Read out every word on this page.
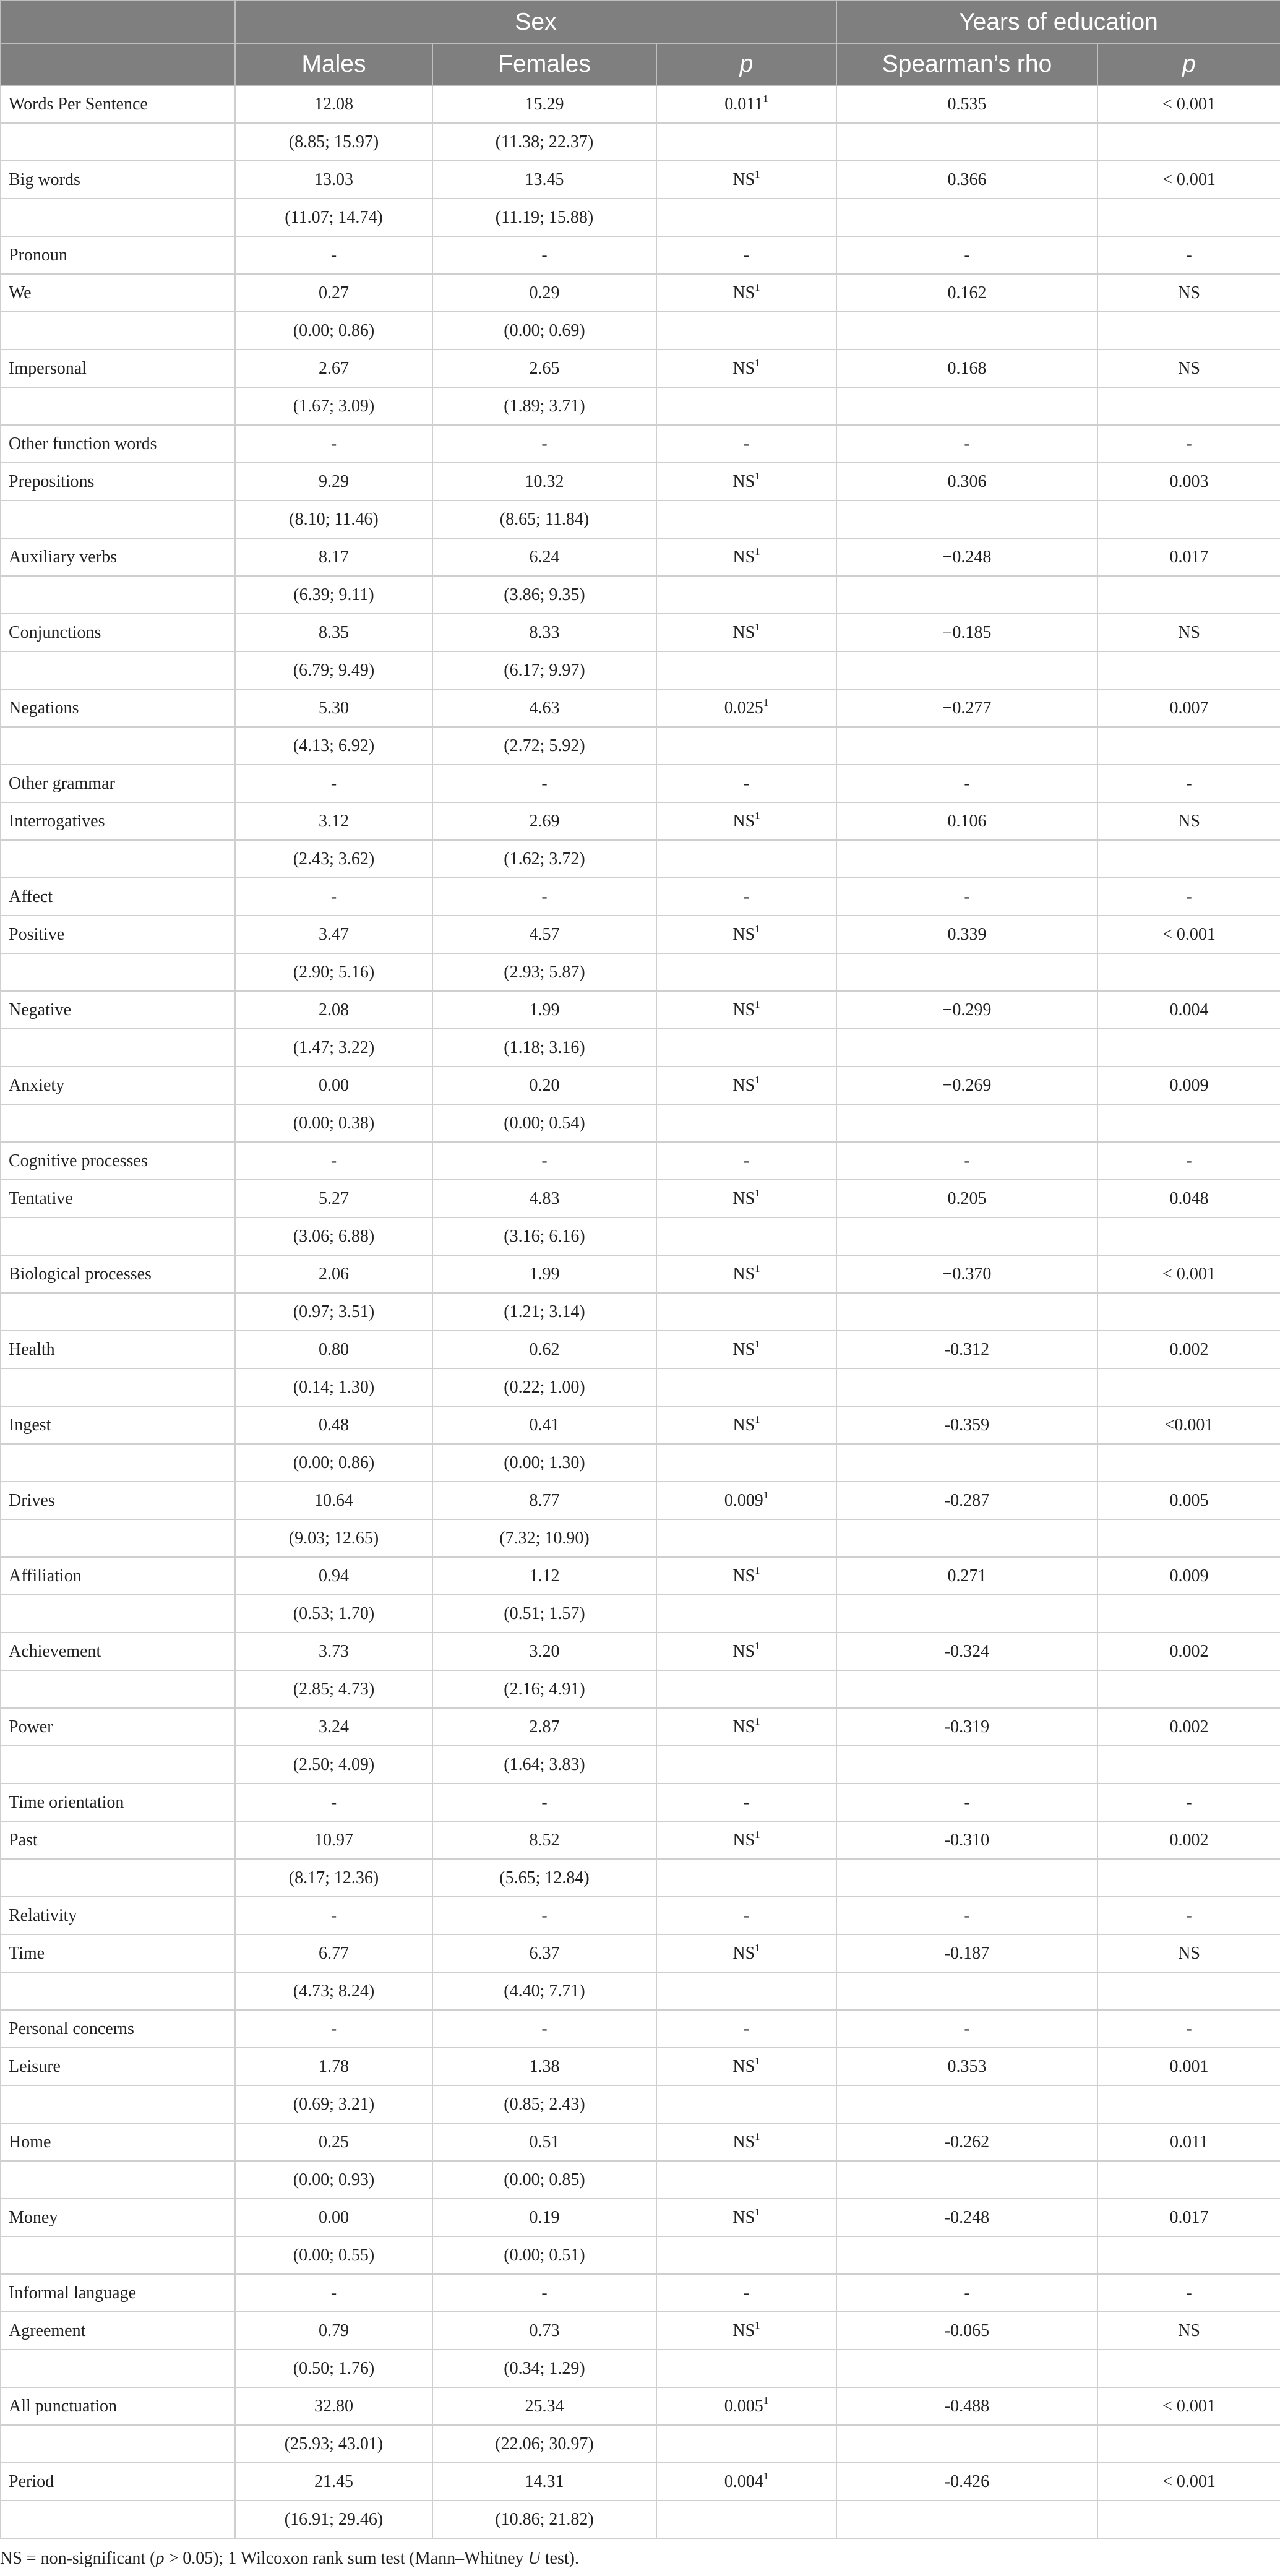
	Sex			Years of education	
	Males	Females	p	Spearman’s rho	p
Words Per Sentence	12.08	15.29	0.011$^1$	0.535	< 0.001
	(8.85; 15.97)	(11.38; 22.37)			
Big words	13.03	13.45	$NS^1$	0.366	< 0.001
	(11.07; 14.74)	(11.19; 15.88)			
Pronoun	-	-	-	-	-
We	0.27	0.29	$NS^1$	0.162	NS
	(0.00; 0.86)	(0.00; 0.69)			
Impersonal	2.67	2.65	$NS^1$	0.168	NS
	(1.67; 3.09)	(1.89; 3.71)			
Other function words	-	-	-	-	-
Prepositions	9.29	10.32	$NS^1$	0.306	0.003
	(8.10; 11.46)	(8.65; 11.84)			
Auxiliary verbs	8.17	6.24	$NS^1$	−0.248	0.017
	(6.39; 9.11)	(3.86; 9.35)			
Conjunctions	8.35	8.33	$NS^1$	−0.185	NS
	(6.79; 9.49)	(6.17; 9.97)			
Negations	5.30	4.63	$0.025^1$	−0.277	0.007
	(4.13; 6.92)	(2.72; 5.92)			
Other grammar	-	-	-	-	-
Interrogatives	3.12	2.69	$NS^1$	0.106	NS
	(2.43; 3.62)	(1.62; 3.72)			
Affect	-	-	-	-	-
Positive	3.47	4.57	$NS^1$	0.339	< 0.001
	(2.90; 5.16)	(2.93; 5.87)			
Negative	2.08	1.99	$NS^1$	−0.299	0.004
	(1.47; 3.22)	(1.18; 3.16)			
Anxiety	0.00	0.20	$NS^1$	−0.269	0.009
	(0.00; 0.38)	(0.00; 0.54)			
Cognitive processes	-	-	-	-	-
Tentative	5.27	4.83	$NS^1$	0.205	0.048
	(3.06; 6.88)	(3.16; 6.16)			
Biological processes	2.06	1.99	$NS^1$	−0.370	< 0.001
	(0.97; 3.51)	(1.21; 3.14)			
Health	0.80	0.62	$NS^1$	-0.312	0.002
	(0.14; 1.30)	(0.22; 1.00)			
Ingest	0.48	0.41	$NS^1$	-0.359	<0.001
	(0.00; 0.86)	(0.00; 1.30)			
Drives	10.64	8.77	0.009$^1$	-0.287	0.005
	(9.03; 12.65)	(7.32; 10.90)			
Affiliation	0.94	1.12	$NS^1$	0.271	0.009
	(0.53; 1.70)	(0.51; 1.57)			
Achievement	3.73	3.20	$NS^1$	-0.324	0.002
	(2.85; 4.73)	(2.16; 4.91)			
Power	3.24	2.87	$NS^1$	-0.319	0.002
	(2.50; 4.09)	(1.64; 3.83)			
Time orientation	-	-	-	-	-
Past	10.97	8.52	$NS^1$	-0.310	0.002
	(8.17; 12.36)	(5.65; 12.84)			
Relativity	-	-	-	-	-
Time	6.77	6.37	$NS^1$	-0.187	NS
	(4.73; 8.24)	(4.40; 7.71)			
Personal concerns	-	-	-	-	-
Leisure	1.78	1.38	$NS^1$	0.353	0.001
	(0.69; 3.21)	(0.85; 2.43)			
Home	0.25	0.51	$NS^1$	-0.262	0.011
	(0.00; 0.93)	(0.00; 0.85)			
Money	0.00	0.19	$NS^1$	-0.248	0.017
	(0.00; 0.55)	(0.00; 0.51)			
Informal language	-	-	-	-	-
Agreement	0.79	0.73	$NS^1$	-0.065	NS
	(0.50; 1.76)	(0.34; 1.29)			
All punctuation	32.80	25.34	0.005$^1$	-0.488	< 0.001
	(25.93; 43.01)	(22.06; 30.97)			
Period	21.45	14.31	0.004$^1$	-0.426	< 0.001
	(16.91; 29.46)	(10.86; 21.82)			
NS = non-significant (p > 0.05); 1 Wilcoxon rank sum test (Mann–Whitney U test).
